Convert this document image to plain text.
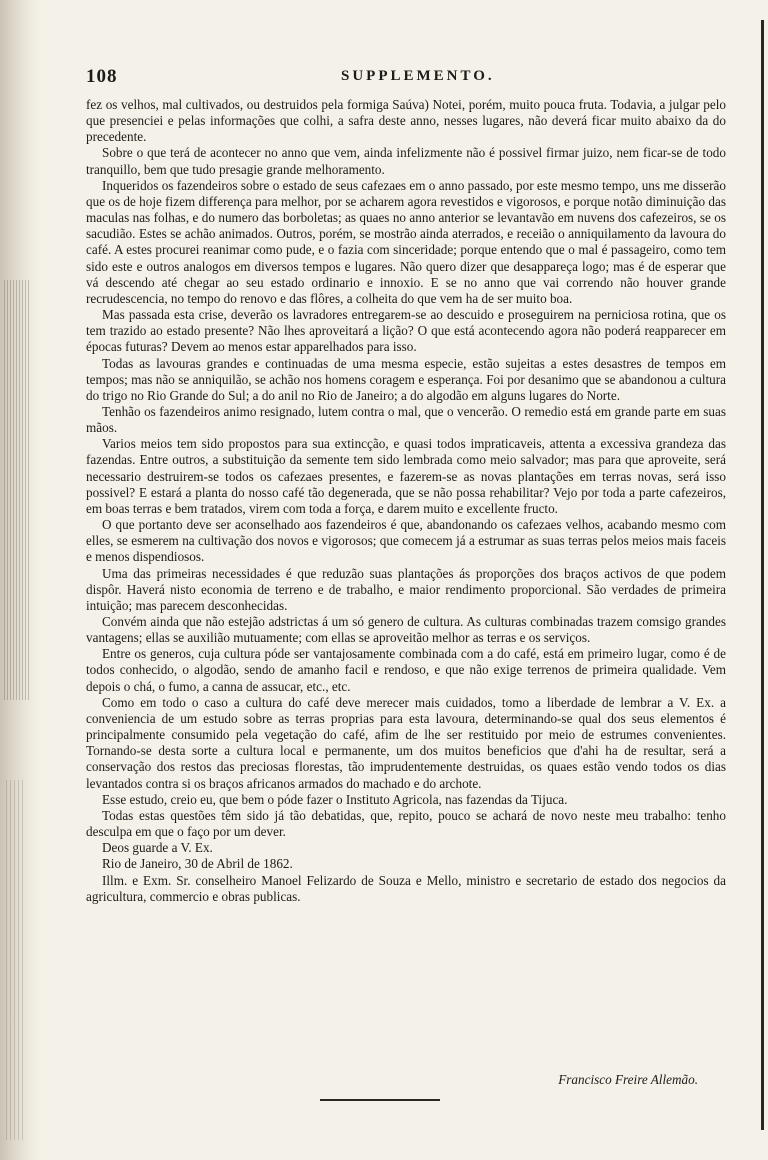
108	SUPPLEMENTO.

fez os velhos, mal cultivados, ou destruidos pela formiga Saúva) Notei, porém, muito pouca fruta. Todavia, a julgar pelo que presenciei e pelas informações que colhi, a safra deste anno, nesses lugares, não deverá ficar muito abaixo da do precedente.

Sobre o que terá de acontecer no anno que vem, ainda infelizmente não é possivel firmar juizo, nem ficar-se de todo tranquillo, bem que tudo presagie grande melhoramento.

Inqueridos os fazendeiros sobre o estado de seus cafezaes em o anno passado, por este mesmo tempo, uns me disserão que os de hoje fizem differença para melhor, por se acharem agora revestidos e vigorosos, e porque notão diminuição das maculas nas folhas, e do numero das borboletas; as quaes no anno anterior se levantavão em nuvens dos cafezeiros, se os sacudião. Estes se achão animados. Outros, porém, se mostrão ainda aterrados, e receião o anniquilamento da lavoura do café. A estes procurei reanimar como pude, e o fazia com sinceridade; porque entendo que o mal é passageiro, como tem sido este e outros analogos em diversos tempos e lugares. Não quero dizer que desappareça logo; mas é de esperar que vá descendo até chegar ao seu estado ordinario e innoxio. E se no anno que vai correndo não houver grande recrudescencia, no tempo do renovo e das flôres, a colheita do que vem ha de ser muito boa.

Mas passada esta crise, deverão os lavradores entregarem-se ao descuido e proseguirem na perniciosa rotina, que os tem trazido ao estado presente? Não lhes aproveitará a lição? O que está acontecendo agora não poderá reapparecer em épocas futuras? Devem ao menos estar apparelhados para isso.

Todas as lavouras grandes e continuadas de uma mesma especie, estão sujeitas a estes desastres de tempos em tempos; mas não se anniquilão, se achão nos homens coragem e esperança. Foi por desanimo que se abandonou a cultura do trigo no Rio Grande do Sul; a do anil no Rio de Janeiro; a do algodão em alguns lugares do Norte.

Tenhão os fazendeiros animo resignado, lutem contra o mal, que o vencerão. O remedio está em grande parte em suas mãos.

Varios meios tem sido propostos para sua extincção, e quasi todos impraticaveis, attenta a excessiva grandeza das fazendas. Entre outros, a substituição da semente tem sido lembrada como meio salvador; mas para que aproveite, será necessario destruirem-se todos os cafezaes presentes, e fazerem-se as novas plantações em terras novas, será isso possivel? E estará a planta do nosso café tão degenerada, que se não possa rehabilitar? Vejo por toda a parte cafezeiros, em boas terras e bem tratados, virem com toda a força, e darem muito e excellente fructo.

O que portanto deve ser aconselhado aos fazendeiros é que, abandonando os cafezaes velhos, acabando mesmo com elles, se esmerem na cultivação dos novos e vigorosos; que comecem já a estrumar as suas terras pelos meios mais faceis e menos dispendiosos.

Uma das primeiras necessidades é que reduzão suas plantações ás proporções dos braços activos de que podem dispôr. Haverá nisto economia de terreno e de trabalho, e maior rendimento proporcional. São verdades de primeira intuição; mas parecem desconhecidas.

Convém ainda que não estejão adstrictas á um só genero de cultura. As culturas combinadas trazem comsigo grandes vantagens; ellas se auxilião mutuamente; com ellas se aproveitão melhor as terras e os serviços.

Entre os generos, cuja cultura póde ser vantajosamente combinada com a do café, está em primeiro lugar, como é de todos conhecido, o algodão, sendo de amanho facil e rendoso, e que não exige terrenos de primeira qualidade. Vem depois o chá, o fumo, a canna de assucar, etc., etc.

Como em todo o caso a cultura do café deve merecer mais cuidados, tomo a liberdade de lembrar a V. Ex. a conveniencia de um estudo sobre as terras proprias para esta lavoura, determinando-se qual dos seus elementos é principalmente consumido pela vegetação do café, afim de lhe ser restituido por meio de estrumes convenientes. Tornando-se desta sorte a cultura local e permanente, um dos muitos beneficios que d'ahi ha de resultar, será a conservação dos restos das preciosas florestas, tão imprudentemente destruidas, os quaes estão vendo todos os dias levantados contra si os braços africanos armados do machado e do archote.

Esse estudo, creio eu, que bem o póde fazer o Instituto Agricola, nas fazendas da Tijuca.

Todas estas questões têm sido já tão debatidas, que, repito, pouco se achará de novo neste meu trabalho: tenho desculpa em que o faço por um dever.

Deos guarde a V. Ex.

Rio de Janeiro, 30 de Abril de 1862.

Illm. e Exm. Sr. conselheiro Manoel Felizardo de Souza e Mello, ministro e secretario de estado dos negocios da agricultura, commercio e obras publicas.

Francisco Freire Allemão.
